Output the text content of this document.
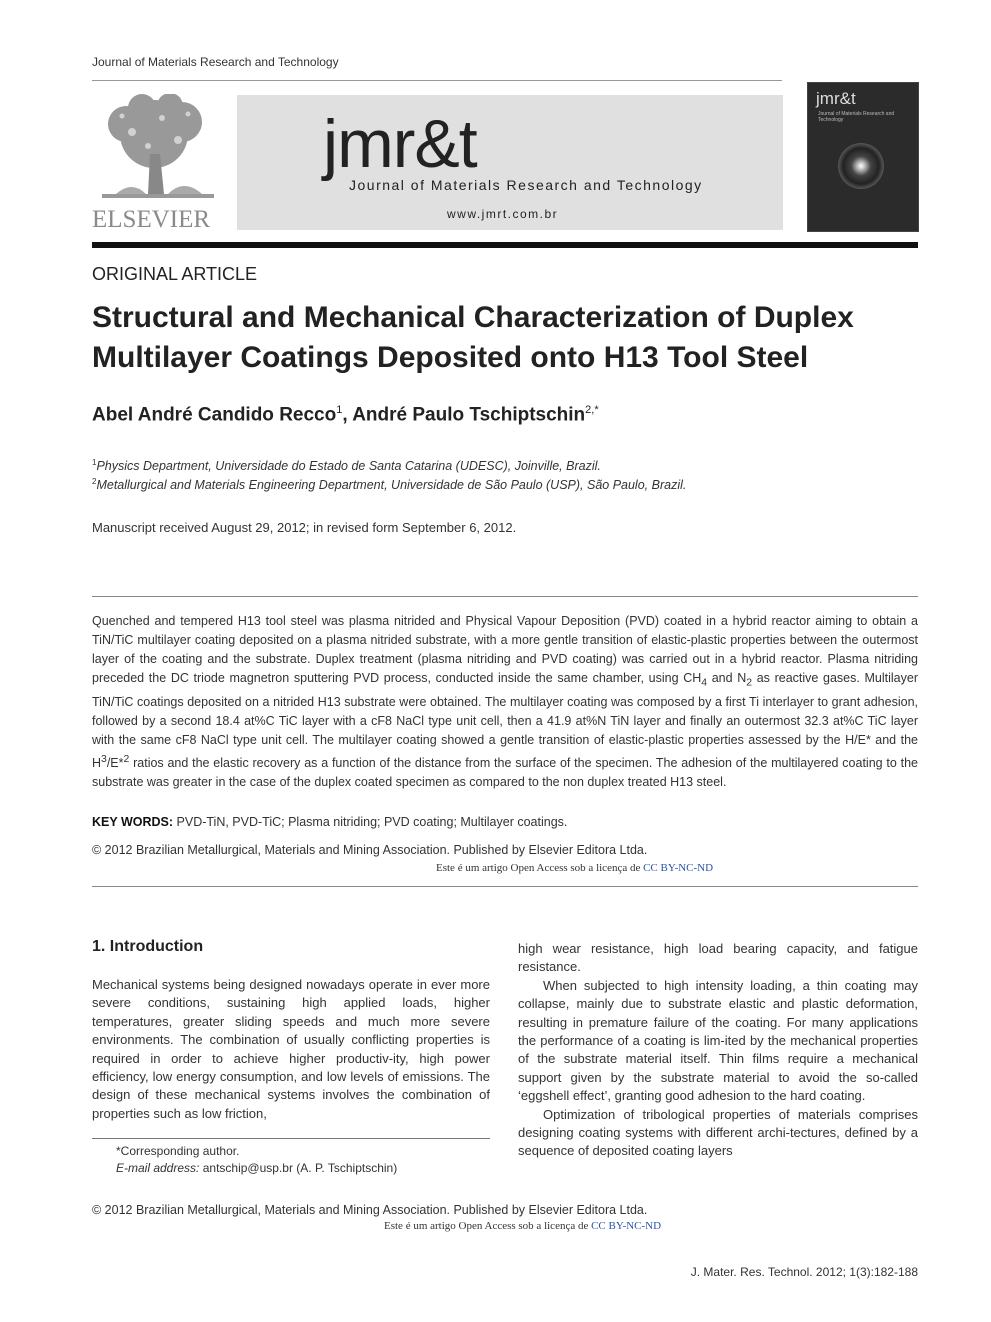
Journal of Materials Research and Technology
ELSEVIER
jmr&t
Journal of Materials Research and Technology
www.jmrt.com.br
jmr&t
Journal of Materials Research and Technology
ORIGINAL ARTICLE
Structural and Mechanical Characterization of Duplex Multilayer Coatings Deposited onto H13 Tool Steel
Abel André Candido Recco$^1$, André Paulo Tschiptschin$^{2,*}$
$^1$Physics Department, Universidade do Estado de Santa Catarina (UDESC), Joinville, Brazil.
$^2$Metallurgical and Materials Engineering Department, Universidade de São Paulo (USP), São Paulo, Brazil.
Manuscript received August 29, 2012; in revised form September 6, 2012.
Quenched and tempered H13 tool steel was plasma nitrided and Physical Vapour Deposition (PVD) coated in a hybrid reactor aiming to obtain a TiN/TiC multilayer coating deposited on a plasma nitrided substrate, with a more gentle transition of elastic-plastic properties between the outermost layer of the coating and the substrate. Duplex treatment (plasma nitriding and PVD coating) was carried out in a hybrid reactor. Plasma nitriding preceded the DC triode magnetron sputtering PVD process, conducted inside the same chamber, using $CH_4$ and $N_2$ as reactive gases. Multilayer TiN/TiC coatings deposited on a nitrided H13 substrate were obtained. The multilayer coating was composed by a first Ti interlayer to grant adhesion, followed by a second 18.4 at%C TiC layer with a cF8 NaCl type unit cell, then a 41.9 at%N TiN layer and finally an outermost 32.3 at%C TiC layer with the same cF8 NaCl type unit cell. The multilayer coating showed a gentle transition of elastic-plastic properties assessed by the H/E* and the $H^3/E*^2$ ratios and the elastic recovery as a function of the distance from the surface of the specimen. The adhesion of the multilayered coating to the substrate was greater in the case of the duplex coated specimen as compared to the non duplex treated H13 steel.
KEY WORDS: PVD-TiN, PVD-TiC; Plasma nitriding; PVD coating; Multilayer coatings.
© 2012 Brazilian Metallurgical, Materials and Mining Association. Published by Elsevier Editora Ltda.
Este é um artigo Open Access sob a licença de CC BY-NC-ND
1. Introduction

Mechanical systems being designed nowadays operate in ever more severe conditions, sustaining high applied loads, higher temperatures, greater sliding speeds and much more severe environments. The combination of usually conflicting properties is required in order to achieve higher productiv-ity, high power efficiency, low energy consumption, and low levels of emissions. The design of these mechanical systems involves the combination of properties such as low friction,

high wear resistance, high load bearing capacity, and fatigue resistance.

When subjected to high intensity loading, a thin coating may collapse, mainly due to substrate elastic and plastic deformation, resulting in premature failure of the coating. For many applications the performance of a coating is lim-ited by the mechanical properties of the substrate material itself. Thin films require a mechanical support given by the substrate material to avoid the so-called ‘eggshell effect’, granting good adhesion to the hard coating.

Optimization of tribological properties of materials comprises designing coating systems with different archi-tectures, defined by a sequence of deposited coating layers

*Corresponding author.
E-mail address: antschip@usp.br (A. P. Tschiptschin)
© 2012 Brazilian Metallurgical, Materials and Mining Association. Published by Elsevier Editora Ltda.
Este é um artigo Open Access sob a licença de CC BY-NC-ND
J. Mater. Res. Technol. 2012; 1(3):182-188
